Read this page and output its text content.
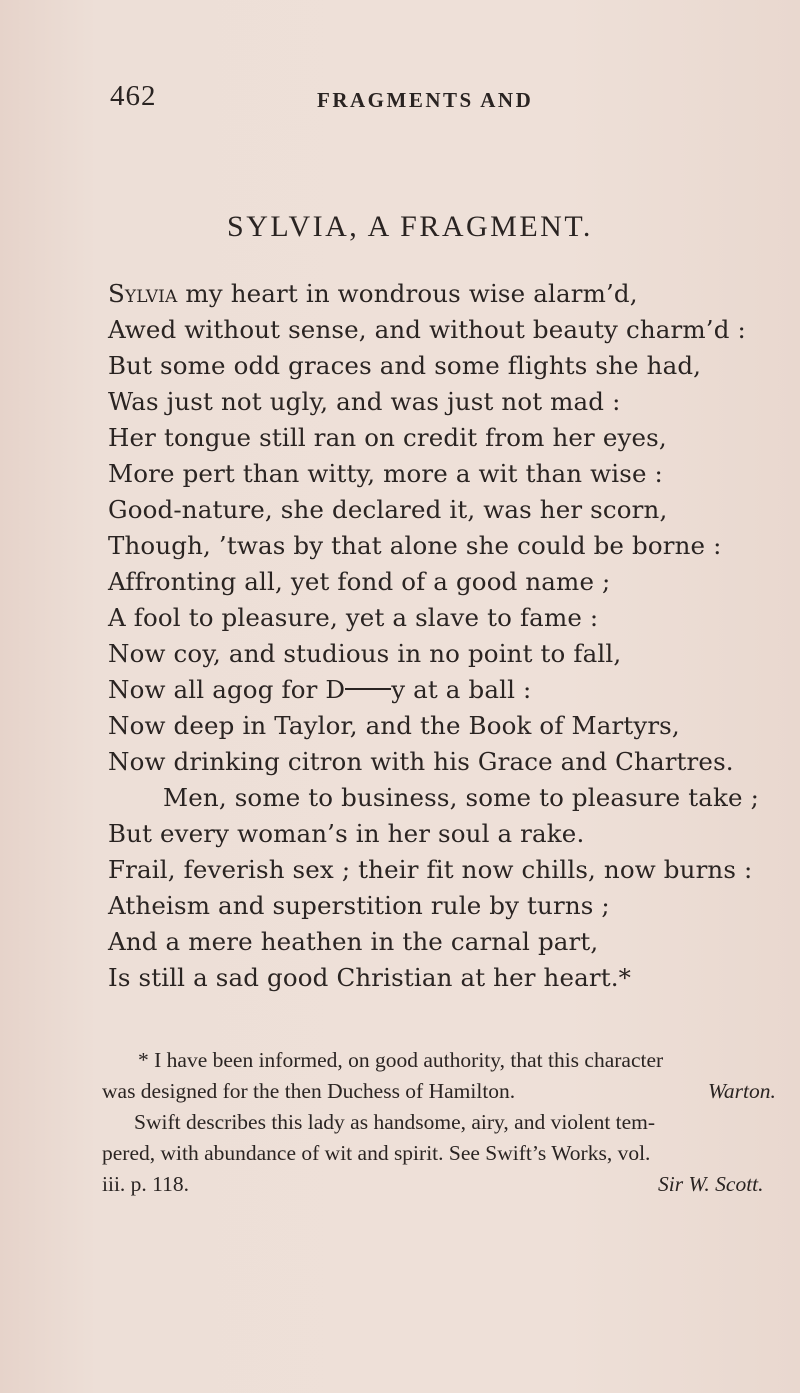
462	FRAGMENTS AND
SYLVIA, A FRAGMENT.
Sylvia my heart in wondrous wise alarm’d,
Awed without sense, and without beauty charm’d :
But some odd graces and some flights she had,
Was just not ugly, and was just not mad :
Her tongue still ran on credit from her eyes,
More pert than witty, more a wit than wise :
Good-nature, she declared it, was her scorn,
Though, ’twas by that alone she could be borne :
Affronting all, yet fond of a good name ;
A fool to pleasure, yet a slave to fame :
Now coy, and studious in no point to fall,
Now all agog for D y at a ball :
Now deep in Taylor, and the Book of Martyrs,
Now drinking citron with his Grace and Chartres.
Men, some to business, some to pleasure take ;
But every woman’s in her soul a rake.
Frail, feverish sex ; their fit now chills, now burns :
Atheism and superstition rule by turns ;
And a mere heathen in the carnal part,
Is still a sad good Christian at her heart.*
* I have been informed, on good authority, that this character
was designed for the then Duchess of Hamilton.	Warton.
Swift describes this lady as handsome, airy, and violent tem-
pered, with abundance of wit and spirit. See Swift’s Works, vol.
iii. p. 118.	Sir W. Scott.
